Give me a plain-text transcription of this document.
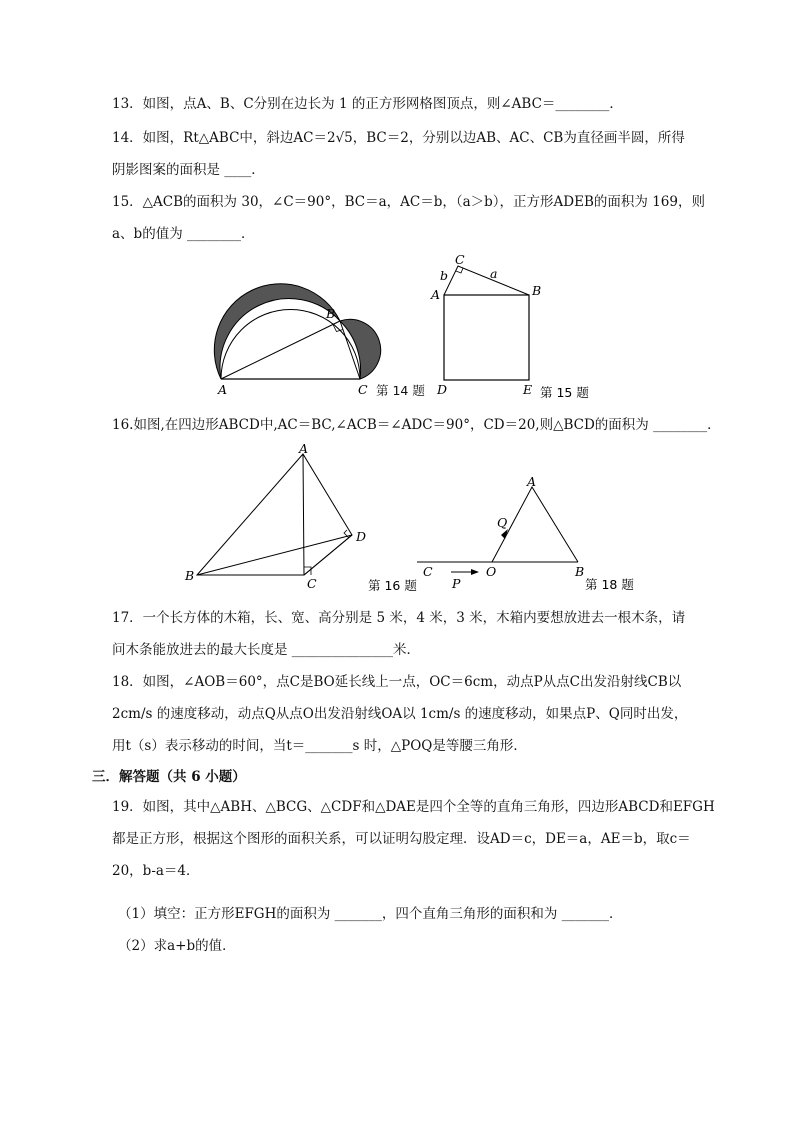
13．如图，点A、B、C分别在边长为 1 的正方形网格图顶点，则∠ABC＝________．
14．如图，Rt△ABC中，斜边AC＝2√5，BC＝2，分别以边AB、AC、CB为直径画半圆，所得
阴影图案的面积是 ____．
15．△ACB的面积为 30，∠C＝90°，BC＝a，AC＝b，（a＞b），正方形ADEB的面积为 169，则
a、b的值为 ________．
A
B
C
A	B
C
D	E
b	a
第 15 题
第 14 题
16.如图,在四边形ABCD中,AC＝BC,∠ACB＝∠ADC＝90°，CD＝20,则△BCD的面积为 ________．
A
B
C
D
第 16 题
A
B
C	O
P
Q
第 18 题
17．一个长方体的木箱，长、宽、高分别是 5 米，4 米，3 米，木箱内要想放进去一根木条，请
问木条能放进去的最大长度是 _______________米．
18．如图，∠AOB＝60°，点C是BO延长线上一点，OC＝6cm，动点P从点C出发沿射线CB以
2cm/s 的速度移动，动点Q从点O出发沿射线OA以 1cm/s 的速度移动，如果点P、Q同时出发，
用t（s）表示移动的时间，当t＝_______s 时，△POQ是等腰三角形．
三．解答题（共 6 小题）
19．如图，其中△ABH、△BCG、△CDF和△DAE是四个全等的直角三角形，四边形ABCD和EFGH
都是正方形，根据这个图形的面积关系，可以证明勾股定理．设AD＝c，DE＝a，AE＝b，取c＝
20，b-a＝4．
（1）填空：正方形EFGH的面积为 _______，四个直角三角形的面积和为 _______．
（2）求a+b的值．
